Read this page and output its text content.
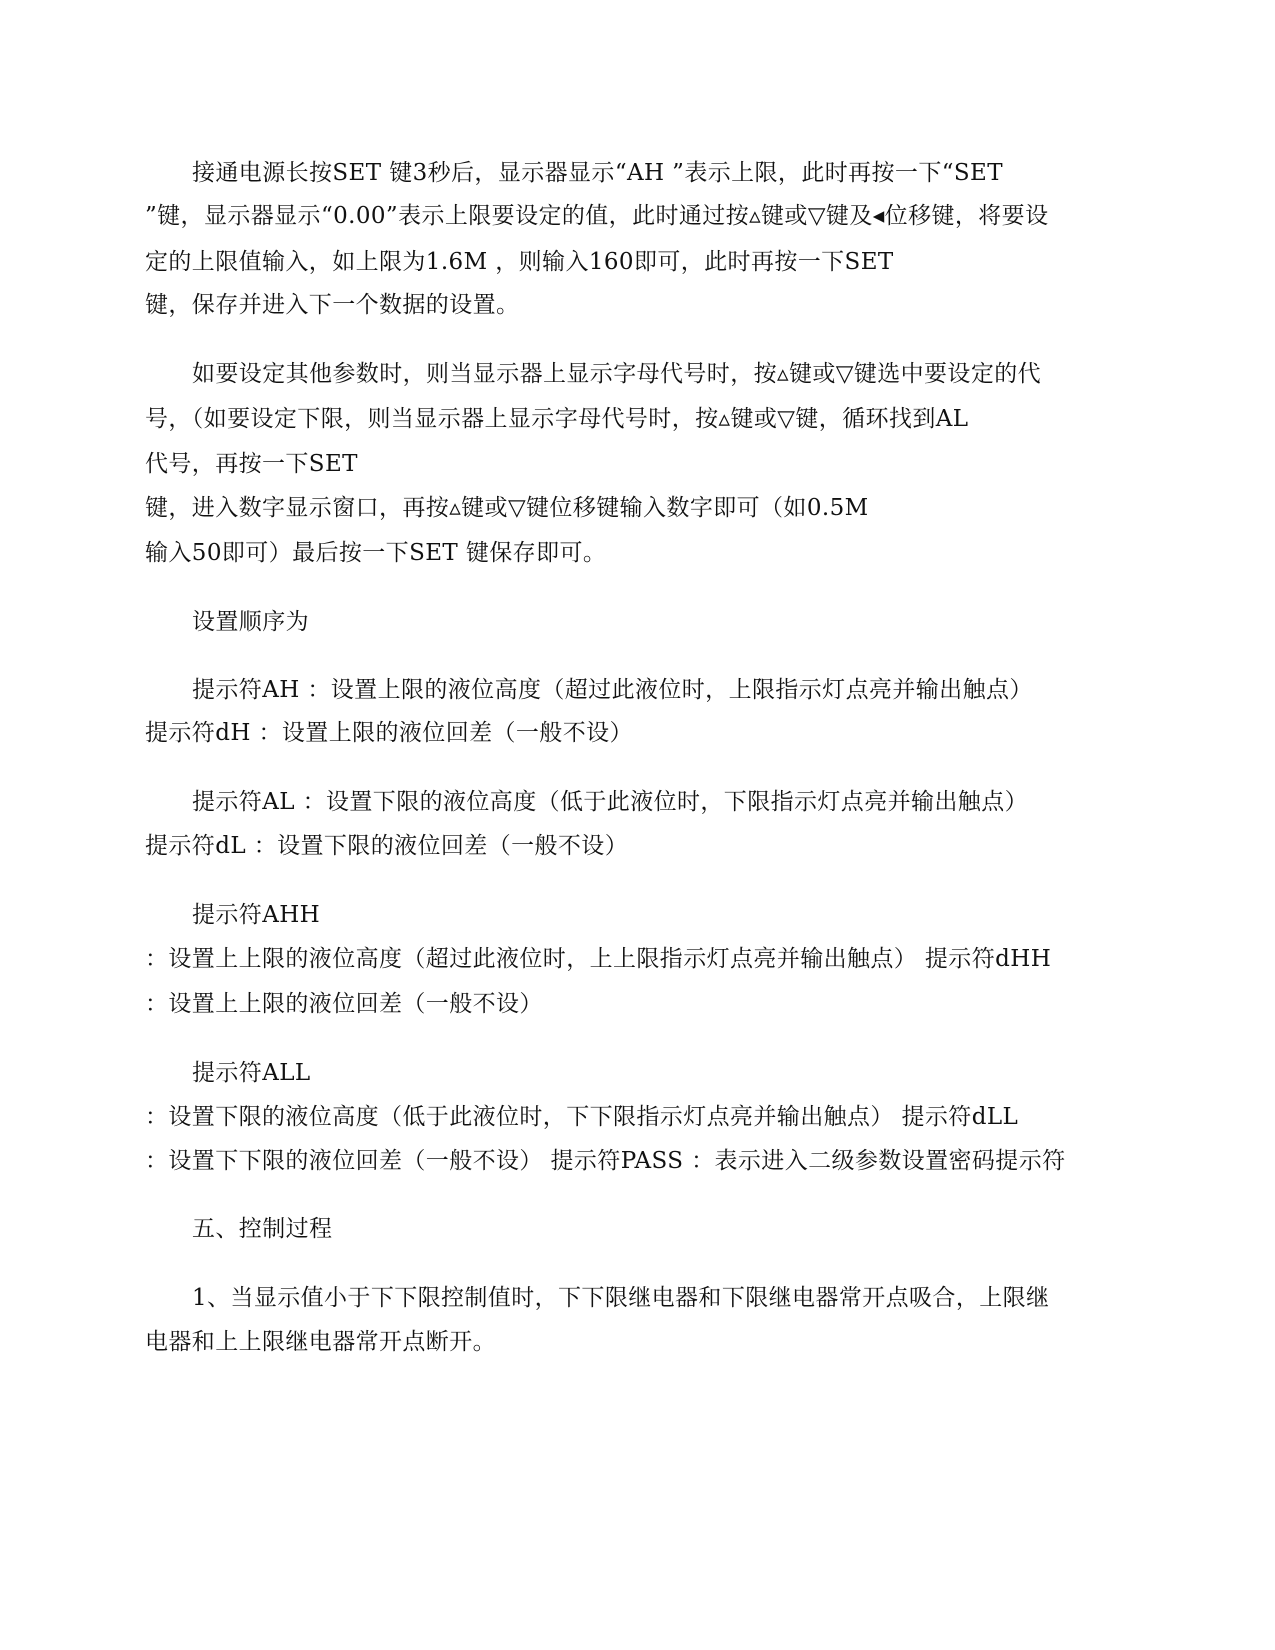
接通电源长按SET 键3秒后，显示器显示“AH ”表示上限，此时再按一下“SET
”键，显示器显示“0.00”表示上限要设定的值，此时通过按▵键或▽键及◂位移键，将要设
定的上限值输入，如上限为1.6M ，则输入160即可，此时再按一下SET
键，保存并进入下一个数据的设置。
如要设定其他参数时，则当显示器上显示字母代号时，按▵键或▽键选中要设定的代
号，（如要设定下限，则当显示器上显示字母代号时，按▵键或▽键，循环找到AL
代号，再按一下SET
键，进入数字显示窗口，再按▵键或▽键位移键输入数字即可（如0.5M
输入50即可）最后按一下SET 键保存即可。
设置顺序为
提示符AH ：设置上限的液位高度（超过此液位时，上限指示灯点亮并输出触点）
提示符dH ：设置上限的液位回差（一般不设）
提示符AL ：设置下限的液位高度（低于此液位时，下限指示灯点亮并输出触点）
提示符dL ：设置下限的液位回差（一般不设）
提示符AHH
：设置上上限的液位高度（超过此液位时，上上限指示灯点亮并输出触点） 提示符dHH
：设置上上限的液位回差（一般不设）
提示符ALL
：设置下限的液位高度（低于此液位时，下下限指示灯点亮并输出触点） 提示符dLL
：设置下下限的液位回差（一般不设） 提示符PASS ：表示进入二级参数设置密码提示符
五、控制过程
1、当显示值小于下下限控制值时，下下限继电器和下限继电器常开点吸合，上限继
电器和上上限继电器常开点断开。
